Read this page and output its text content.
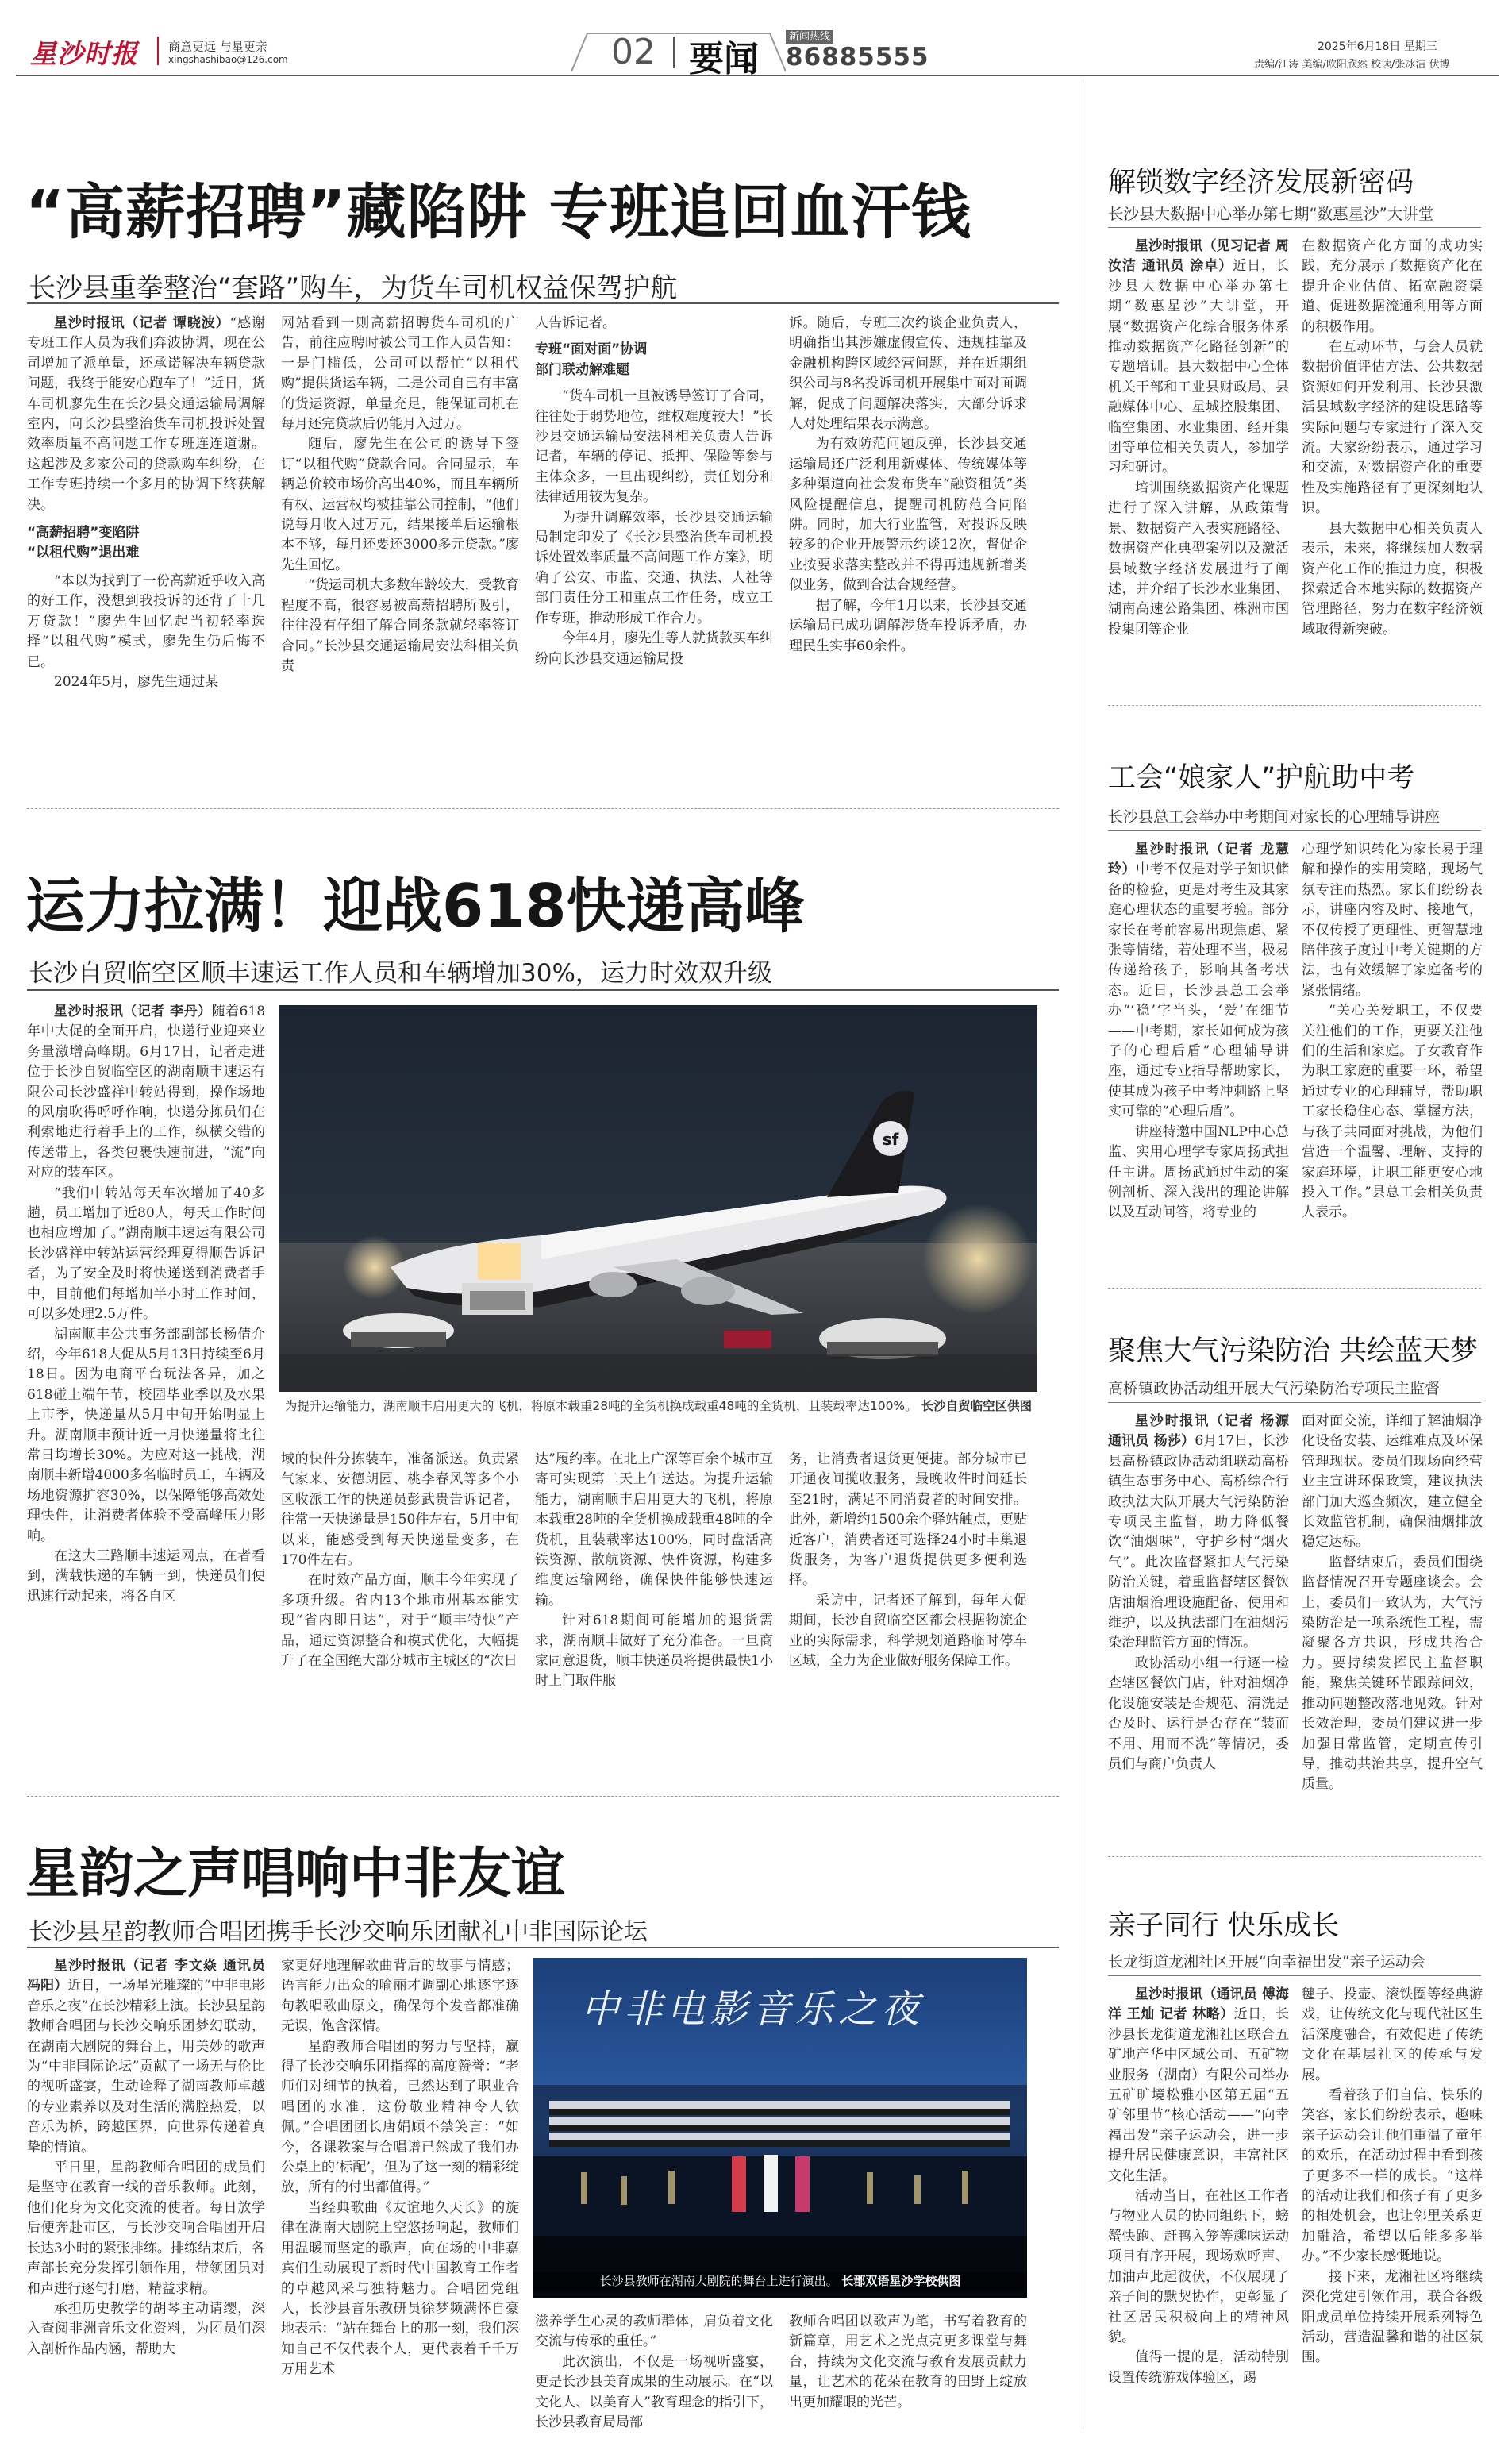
星沙时报	商意更远 与星更亲
xingshashibao@126.com	02 要闻
新闻热线
86885555	2025年6月18日 星期三
责编/江涛 美编/欧阳欣然 校读/张冰洁 伏博
“高薪招聘”藏陷阱 专班追回血汗钱
长沙县重拳整治“套路”购车，为货车司机权益保驾护航

星沙时报讯（记者 谭晓波）“感谢专班工作人员为我们奔波协调，现在公司增加了派单量，还承诺解决车辆贷款问题，我终于能安心跑车了！”近日，货车司机廖先生在长沙县交通运输局调解室内，向长沙县整治货车司机投诉处置效率质量不高问题工作专班连连道谢。这起涉及多家公司的贷款购车纠纷，在工作专班持续一个多月的协调下终获解决。

“高薪招聘”变陷阱

“以租代购”退出难

“本以为找到了一份高薪近乎收入高的好工作，没想到我投诉的还背了十几万贷款！”廖先生回忆起当初轻率选择“以租代购”模式，廖先生仍后悔不已。

2024年5月，廖先生通过某

网站看到一则高薪招聘货车司机的广告，前往应聘时被公司工作人员告知：一是门槛低，公司可以帮忙“以租代购”提供货运车辆，二是公司自己有丰富的货运资源，单量充足，能保证司机在每月还完贷款后仍能月入过万。

随后，廖先生在公司的诱导下签订“以租代购”贷款合同。合同显示，车辆总价较市场价高出40%，而且车辆所有权、运营权均被挂靠公司控制，“他们说每月收入过万元，结果接单后运输根本不够，每月还要还3000多元贷款。”廖先生回忆。

“货运司机大多数年龄较大，受教育程度不高，很容易被高薪招聘所吸引，往往没有仔细了解合同条款就轻率签订合同。”长沙县交通运输局安法科相关负责

人告诉记者。

专班“面对面”协调

部门联动解难题

“货车司机一旦被诱导签订了合同，往往处于弱势地位，维权难度较大！”长沙县交通运输局安法科相关负责人告诉记者，车辆的停记、抵押、保险等参与主体众多，一旦出现纠纷，责任划分和法律适用较为复杂。

为提升调解效率，长沙县交通运输局制定印发了《长沙县整治货车司机投诉处置效率质量不高问题工作方案》，明确了公安、市监、交通、执法、人社等部门责任分工和重点工作任务，成立工作专班，推动形成工作合力。

今年4月，廖先生等人就货款买车纠纷向长沙县交通运输局投

诉。随后，专班三次约谈企业负责人，明确指出其涉嫌虚假宣传、违规挂靠及金融机构跨区域经营问题，并在近期组织公司与8名投诉司机开展集中面对面调解，促成了问题解决落实，大部分诉求人对处理结果表示满意。

为有效防范问题反弹，长沙县交通运输局还广泛利用新媒体、传统媒体等多种渠道向社会发布货车“融资租赁”类风险提醒信息，提醒司机防范合同陷阱。同时，加大行业监管，对投诉反映较多的企业开展警示约谈12次，督促企业按要求落实整改并不得再违规新增类似业务，做到合法合规经营。

据了解，今年1月以来，长沙县交通运输局已成功调解涉货车投诉矛盾，办理民生实事60余件。

运力拉满！迎战618快递高峰
长沙自贸临空区顺丰速运工作人员和车辆增加30%，运力时效双升级

星沙时报讯（记者 李丹）随着618年中大促的全面开启，快递行业迎来业务量激增高峰期。6月17日，记者走进位于长沙自贸临空区的湖南顺丰速运有限公司长沙盛祥中转站得到，操作场地的风扇吹得呼呼作响，快递分拣员们在利索地进行着手上的工作，纵横交错的传送带上，各类包裹快速前进，“流”向对应的装车区。

“我们中转站每天车次增加了40多趟，员工增加了近80人，每天工作时间也相应增加了。”湖南顺丰速运有限公司长沙盛祥中转站运营经理夏得顺告诉记者，为了安全及时将快递送到消费者手中，目前他们每增加半小时工作时间，可以多处理2.5万件。

湖南顺丰公共事务部副部长杨倩介绍，今年618大促从5月13日持续至6月18日。因为电商平台玩法各异，加之618碰上端午节，校园毕业季以及水果上市季，快递量从5月中旬开始明显上升。湖南顺丰预计近一月快递量将比往常日均增长30%。为应对这一挑战，湖南顺丰新增4000多名临时员工，车辆及场地资源扩容30%，以保障能够高效处理快件，让消费者体验不受高峰压力影响。

在这大三路顺丰速运网点，在者看到，满载快递的车辆一到，快递员们便迅速行动起来，将各自区

sf
为提升运输能力，湖南顺丰启用更大的飞机，将原本载重28吨的全货机换成载重48吨的全货机，且装载率达100%。 长沙自贸临空区供图

域的快件分拣装车，准备派送。负责紧气家来、安德朗园、桃李春风等多个小区收派工作的快递员彭武贵告诉记者，往常一天快递量是150件左右，5月中旬以来，能感受到每天快递量变多，在170件左右。

在时效产品方面，顺丰今年实现了多项升级。省内13个地市州基本能实现“省内即日达”，对于“顺丰特快”产品，通过资源整合和模式优化，大幅提升了在全国绝大部分城市主城区的“次日

达”履约率。在北上广深等百余个城市互寄可实现第二天上午送达。为提升运输能力，湖南顺丰启用更大的飞机，将原本载重28吨的全货机换成载重48吨的全货机，且装载率达100%，同时盘活高铁资源、散航资源、快件资源，构建多维度运输网络，确保快件能够快速运输。

针对618期间可能增加的退货需求，湖南顺丰做好了充分准备。一旦商家同意退货，顺丰快递员将提供最快1小时上门取件服

务，让消费者退货更便捷。部分城市已开通夜间揽收服务，最晚收件时间延长至21时，满足不同消费者的时间安排。此外，新增约1500余个驿站触点，更贴近客户，消费者还可选择24小时丰巢退货服务，为客户退货提供更多便利选择。

采访中，记者还了解到，每年大促期间，长沙自贸临空区都会根据物流企业的实际需求，科学规划道路临时停车区域，全力为企业做好服务保障工作。

星韵之声唱响中非友谊
长沙县星韵教师合唱团携手长沙交响乐团献礼中非国际论坛

星沙时报讯（记者 李文焱 通讯员 冯阳）近日，一场星光璀璨的“中非电影音乐之夜”在长沙精彩上演。长沙县星韵教师合唱团与长沙交响乐团梦幻联动，在湖南大剧院的舞台上，用美妙的歌声为“中非国际论坛”贡献了一场无与伦比的视听盛宴，生动诠释了湖南教师卓越的专业素养以及对生活的满腔热爱，以音乐为桥，跨越国界，向世界传递着真挚的情谊。

平日里，星韵教师合唱团的成员们是坚守在教育一线的音乐教师。此刻，他们化身为文化交流的使者。每日放学后便奔赴市区，与长沙交响合唱团开启长达3小时的紧张排练。排练结束后，各声部长充分发挥引领作用，带领团员对和声进行逐句打磨，精益求精。

承担历史教学的胡琴主动请缨，深入查阅非洲音乐文化资料，为团员们深入剖析作品内涵，帮助大

家更好地理解歌曲背后的故事与情感；语言能力出众的喻丽才调副心地逐字逐句教唱歌曲原文，确保每个发音都准确无误，饱含深情。

星韵教师合唱团的努力与坚持，赢得了长沙交响乐团指挥的高度赞誉：“老师们对细节的执着，已然达到了职业合唱团的水准，这份敬业精神令人钦佩。”合唱团团长唐娟顾不禁笑言：“如今，各课教案与合唱谱已然成了我们办公桌上的‘标配’，但为了这一刻的精彩绽放，所有的付出都值得。”

当经典歌曲《友谊地久天长》的旋律在湖南大剧院上空悠扬响起，教师们用温暖而坚定的歌声，向在场的中非嘉宾们生动展现了新时代中国教育工作者的卓越风采与独特魅力。合唱团党组人，长沙县音乐教研员徐梦频满怀自豪地表示：“站在舞台上的那一刻，我们深知自己不仅代表个人，更代表着千千万万用艺术

中非电影音乐之夜
长沙县教师在湖南大剧院的舞台上进行演出。 长郡双语星沙学校供图

滋养学生心灵的教师群体，肩负着文化交流与传承的重任。”

此次演出，不仅是一场视听盛宴，更是长沙县美育成果的生动展示。在“以文化人、以美育人”教育理念的指引下，长沙县教育局局部

教师合唱团以歌声为笔，书写着教育的新篇章，用艺术之光点亮更多课堂与舞台，持续为文化交流与教育发展贡献力量，让艺术的花朵在教育的田野上绽放出更加耀眼的光芒。

解锁数字经济发展新密码
长沙县大数据中心举办第七期“数惠星沙”大讲堂

星沙时报讯（见习记者 周汝洁 通讯员 涂卓）近日，长沙县大数据中心举办第七期“数惠星沙”大讲堂，开展“数据资产化综合服务体系推动数据资产化路径创新”的专题培训。县大数据中心全体机关干部和工业县财政局、县融媒体中心、星城控股集团、临空集团、水业集团、经开集团等单位相关负责人，参加学习和研讨。

培训围绕数据资产化课题进行了深入讲解，从政策背景、数据资产入表实施路径、数据资产化典型案例以及激活县域数字经济发展进行了阐述，并介绍了长沙水业集团、湖南高速公路集团、株洲市国投集团等企业

在数据资产化方面的成功实践，充分展示了数据资产化在提升企业估值、拓宽融资渠道、促进数据流通利用等方面的积极作用。

在互动环节，与会人员就数据价值评估方法、公共数据资源如何开发利用、长沙县激活县域数字经济的建设思路等实际问题与专家进行了深入交流。大家纷纷表示，通过学习和交流，对数据资产化的重要性及实施路径有了更深刻地认识。

县大数据中心相关负责人表示，未来，将继续加大数据资产化工作的推进力度，积极探索适合本地实际的数据资产管理路径，努力在数字经济领域取得新突破。

工会“娘家人”护航助中考
长沙县总工会举办中考期间对家长的心理辅导讲座

星沙时报讯（记者 龙慧玲）中考不仅是对学子知识储备的检验，更是对考生及其家庭心理状态的重要考验。部分家长在考前容易出现焦虑、紧张等情绪，若处理不当，极易传递给孩子，影响其备考状态。近日，长沙县总工会举办“‘稳’字当头，‘爱’在细节——中考期，家长如何成为孩子的心理后盾”心理辅导讲座，通过专业指导帮助家长，使其成为孩子中考冲刺路上坚实可靠的“心理后盾”。

讲座特邀中国NLP中心总监、实用心理学专家周扬武担任主讲。周扬武通过生动的案例剖析、深入浅出的理论讲解以及互动问答，将专业的

心理学知识转化为家长易于理解和操作的实用策略，现场气氛专注而热烈。家长们纷纷表示，讲座内容及时、接地气，不仅传授了更理性、更智慧地陪伴孩子度过中考关键期的方法，也有效缓解了家庭备考的紧张情绪。

“关心关爱职工，不仅要关注他们的工作，更要关注他们的生活和家庭。子女教育作为职工家庭的重要一环，希望通过专业的心理辅导，帮助职工家长稳住心态、掌握方法，与孩子共同面对挑战，为他们营造一个温馨、理解、支持的家庭环境，让职工能更安心地投入工作。”县总工会相关负责人表示。

聚焦大气污染防治 共绘蓝天梦
高桥镇政协活动组开展大气污染防治专项民主监督

星沙时报讯（记者 杨源 通讯员 杨莎）6月17日，长沙县高桥镇政协活动组联动高桥镇生态事务中心、高桥综合行政执法大队开展大气污染防治专项民主监督，助力降低餐饮“油烟味”，守护乡村“烟火气”。此次监督紧扣大气污染防治关键，着重监督辖区餐饮店油烟治理设施配备、使用和维护，以及执法部门在油烟污染治理监管方面的情况。

政协活动小组一行逐一检查辖区餐饮门店，针对油烟净化设施安装是否规范、清洗是否及时、运行是否存在“装而不用、用而不洗”等情况，委员们与商户负责人

面对面交流，详细了解油烟净化设备安装、运维难点及环保管理现状。委员们现场向经营业主宣讲环保政策，建议执法部门加大巡查频次，建立健全长效监管机制，确保油烟排放稳定达标。

监督结束后，委员们围绕监督情况召开专题座谈会。会上，委员们一致认为，大气污染防治是一项系统性工程，需凝聚各方共识，形成共治合力。要持续发挥民主监督职能，聚焦关键环节跟踪问效，推动问题整改落地见效。针对长效治理，委员们建议进一步加强日常监管，定期宣传引导，推动共治共享，提升空气质量。

亲子同行 快乐成长
长龙街道龙湘社区开展“向幸福出发”亲子运动会

星沙时报讯（通讯员 傅海洋 王灿 记者 林略）近日，长沙县长龙街道龙湘社区联合五矿地产华中区域公司、五矿物业服务（湖南）有限公司举办五矿旷境松雅小区第五届“五矿邻里节”核心活动——“向幸福出发”亲子运动会，进一步提升居民健康意识，丰富社区文化生活。

活动当日，在社区工作者与物业人员的协同组织下，螃蟹快跑、赶鸭入笼等趣味运动项目有序开展，现场欢呼声、加油声此起彼伏，不仅展现了亲子间的默契协作，更彰显了社区居民积极向上的精神风貌。

值得一提的是，活动特别设置传统游戏体验区，踢

毽子、投壶、滚铁圈等经典游戏，让传统文化与现代社区生活深度融合，有效促进了传统文化在基层社区的传承与发展。

看着孩子们自信、快乐的笑容，家长们纷纷表示，趣味亲子运动会让他们重温了童年的欢乐，在活动过程中看到孩子更多不一样的成长。“这样的活动让我们和孩子有了更多的相处机会，也让邻里关系更加融洽，希望以后能多多举办。”不少家长感慨地说。

接下来，龙湘社区将继续深化党建引领作用，联合各级阳成员单位持续开展系列特色活动，营造温馨和谐的社区氛围。
